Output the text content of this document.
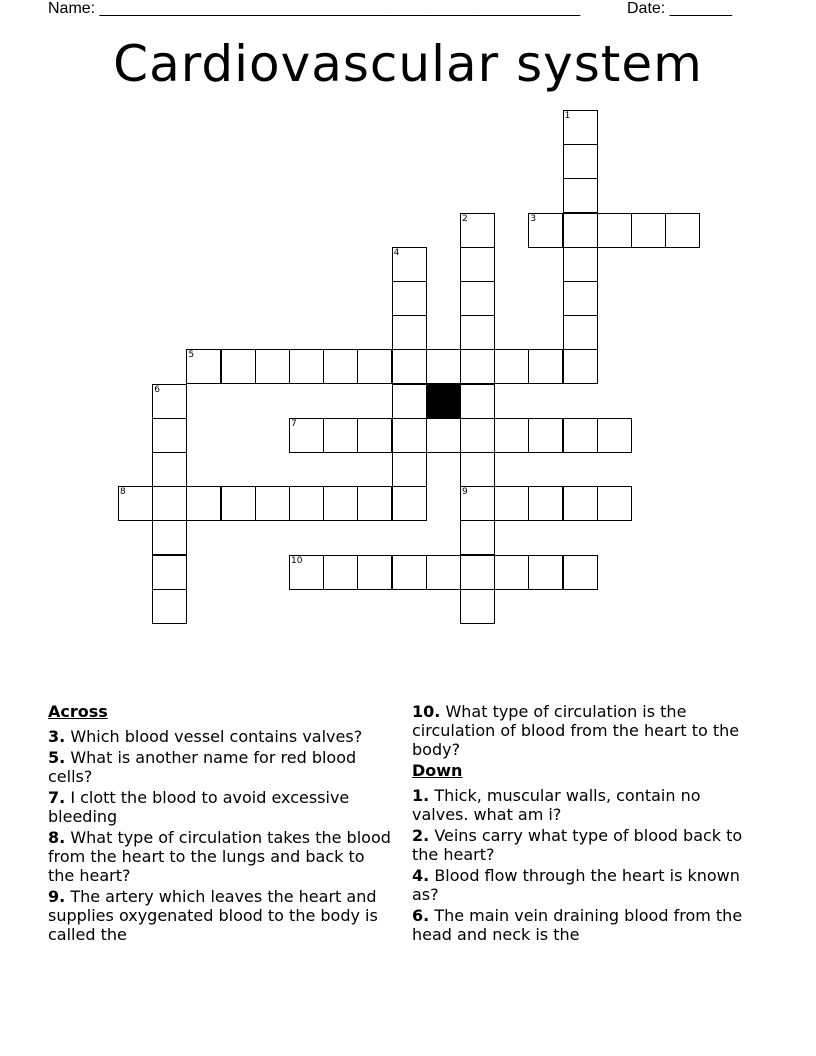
Name: ______________________________________________________	Date: _______
Cardiovascular system
1
2	3
4
5
6
7
8	9
10
Across
3. Which blood vessel contains valves?
5. What is another name for red blood cells?
7. I clott the blood to avoid excessive bleeding
8. What type of circulation takes the blood from the heart to the lungs and back to the heart?
9. The artery which leaves the heart and supplies oxygenated blood to the body is called the
10. What type of circulation is the circulation of blood from the heart to the body?
Down
1. Thick, muscular walls, contain no valves. what am i?
2. Veins carry what type of blood back to the heart?
4. Blood flow through the heart is known as?
6. The main vein draining blood from the head and neck is the
